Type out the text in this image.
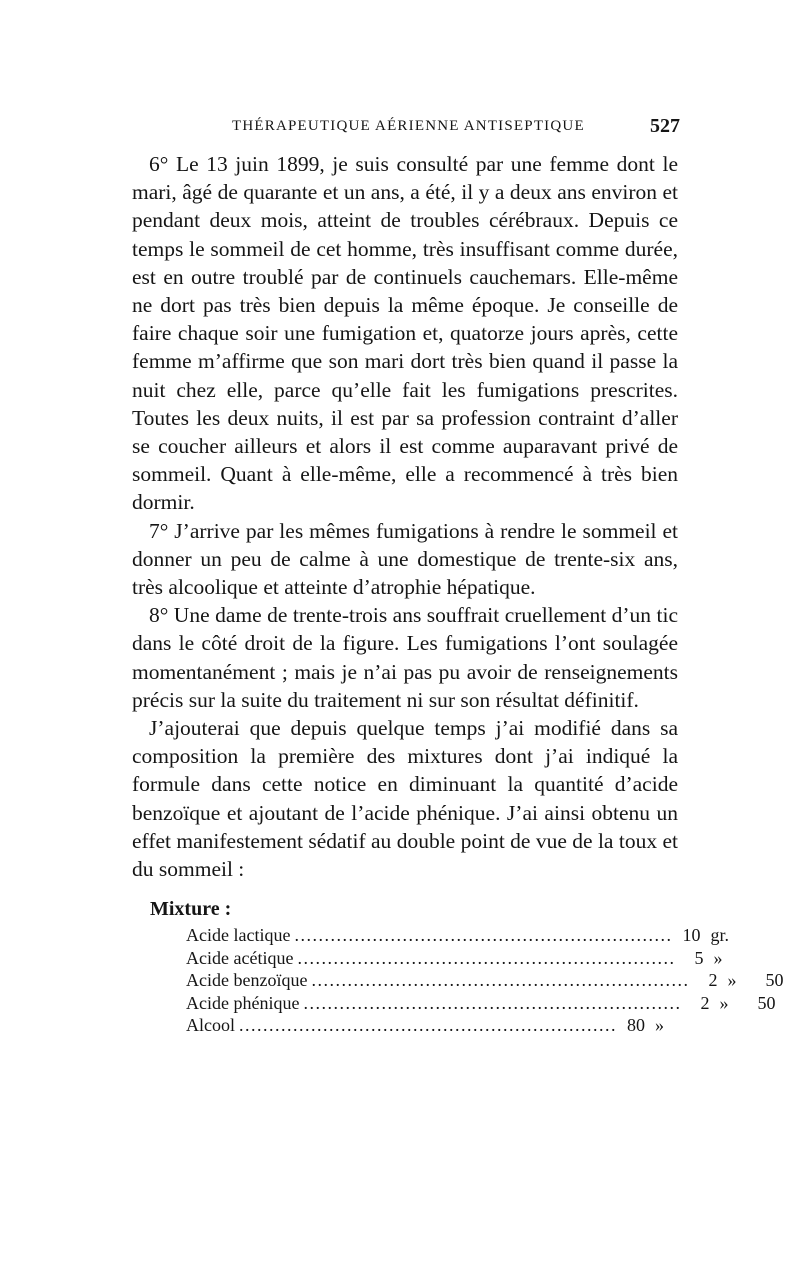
THÉRAPEUTIQUE AÉRIENNE ANTISEPTIQUE	527

6° Le 13 juin 1899, je suis consulté par une femme dont le mari, âgé de quarante et un ans, a été, il y a deux ans environ et pendant deux mois, atteint de troubles cérébraux. Depuis ce temps le sommeil de cet homme, très insuffisant comme durée, est en outre troublé par de continuels cauchemars. Elle-même ne dort pas très bien depuis la même époque. Je conseille de faire chaque soir une fumigation et, quatorze jours après, cette femme m’affirme que son mari dort très bien quand il passe la nuit chez elle, parce qu’elle fait les fumigations prescrites. Toutes les deux nuits, il est par sa profession contraint d’aller se coucher ailleurs et alors il est comme auparavant privé de sommeil. Quant à elle-même, elle a recommencé à très bien dormir.

7° J’arrive par les mêmes fumigations à rendre le sommeil et donner un peu de calme à une domestique de trente-six ans, très alcoolique et atteinte d’atrophie hépatique.

8° Une dame de trente-trois ans souffrait cruellement d’un tic dans le côté droit de la figure. Les fumigations l’ont soulagée momentanément ; mais je n’ai pas pu avoir de renseignements précis sur la suite du traitement ni sur son résultat définitif.

J’ajouterai que depuis quelque temps j’ai modifié dans sa composition la première des mixtures dont j’ai indiqué la formule dans cette notice en diminuant la quantité d’acide benzoïque et ajoutant de l’acide phénique. J’ai ainsi obtenu un effet manifestement sédatif au double point de vue de la toux et du sommeil :

Mixture :
Acide lactique ............................................................... 10 gr.
Acide acétique ...............................................................	5 »
Acide benzoïque ...............................................................	2 »	50
Acide phénique ...............................................................	2 »	50
Alcool ............................................................... 80 »
